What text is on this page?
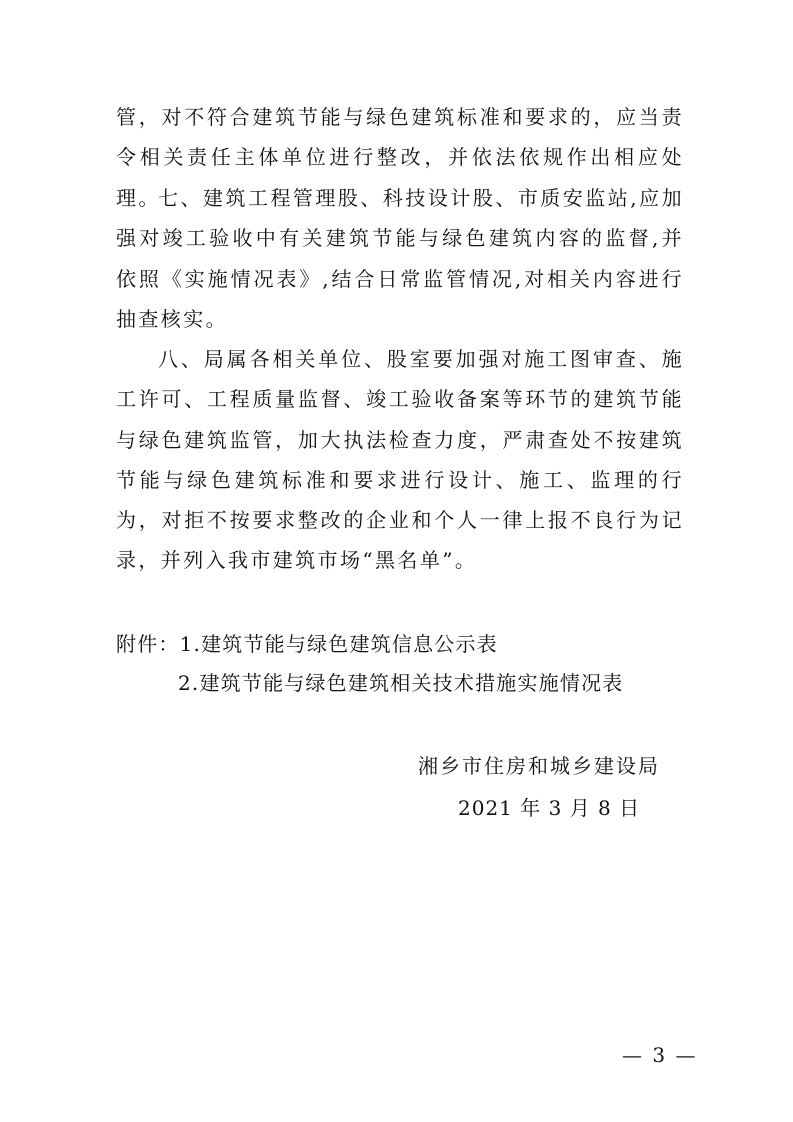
管，对不符合建筑节能与绿色建筑标准和要求的，应当责令相关责任主体单位进行整改，并依法依规作出相应处理。

七、建筑工程管理股、科技设计股、市质安监站,应加强对竣工验收中有关建筑节能与绿色建筑内容的监督,并依照《实施情况表》,结合日常监管情况,对相关内容进行抽查核实。

八、局属各相关单位、股室要加强对施工图审查、施工许可、工程质量监督、竣工验收备案等环节的建筑节能与绿色建筑监管，加大执法检查力度，严肃查处不按建筑节能与绿色建筑标准和要求进行设计、施工、监理的行为，对拒不按要求整改的企业和个人一律上报不良行为记录，并列入我市建筑市场“黑名单”。

附件：1.建筑节能与绿色建筑信息公示表

2.建筑节能与绿色建筑相关技术措施实施情况表

湘乡市住房和城乡建设局

2021 年 3 月 8 日

— 3 —
